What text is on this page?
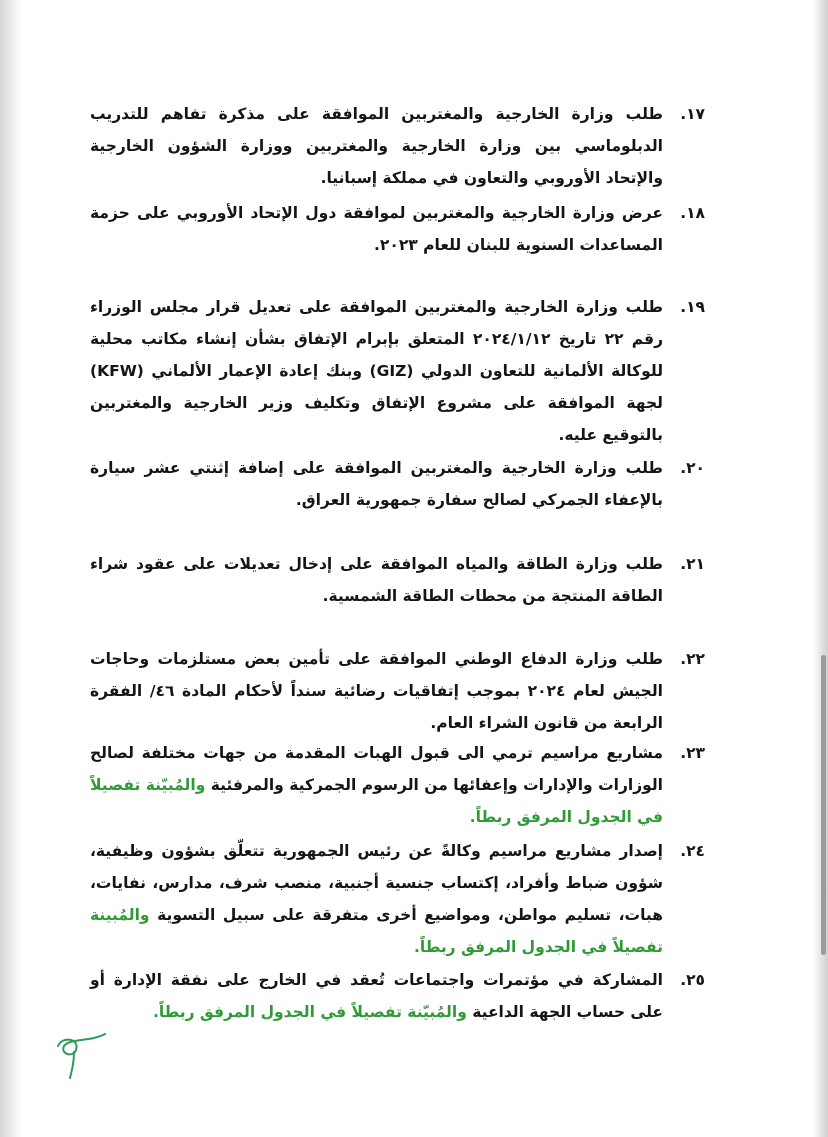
١٧.
طلب وزارة الخارجية والمغتربين الموافقة على مذكرة تفاهم للتدريب الدبلوماسي بين وزارة الخارجية والمغتربين ووزارة الشؤون الخارجية والإتحاد الأوروبي والتعاون في مملكة إسبانيا.
١٨.
عرض وزارة الخارجية والمغتربين لموافقة دول الإتحاد الأوروبي على حزمة المساعدات السنوية للبنان للعام ٢٠٢٣.
١٩.
طلب وزارة الخارجية والمغتربين الموافقة على تعديل قرار مجلس الوزراء رقم ٢٢ تاريخ ٢٠٢٤/١/١٢ المتعلق بإبرام الإتفاق بشأن إنشاء مكاتب محلية للوكالة الألمانية للتعاون الدولي (GIZ) وبنك إعادة الإعمار الألماني (KFW) لجهة الموافقة على مشروع الإتفاق وتكليف وزير الخارجية والمغتربين بالتوقيع عليه.
٢٠.
طلب وزارة الخارجية والمغتربين الموافقة على إضافة إثنتي عشر سيارة بالإعفاء الجمركي لصالح سفارة جمهورية العراق.
٢١.
طلب وزارة الطاقة والمياه الموافقة على إدخال تعديلات على عقود شراء الطاقة المنتجة من محطات الطاقة الشمسية.
٢٢.
طلب وزارة الدفاع الوطني الموافقة على تأمين بعض مستلزمات وحاجات الجيش لعام ٢٠٢٤ بموجب إتفاقيات رضائية سنداً لأحكام المادة ٤٦/ الفقرة الرابعة من قانون الشراء العام.
٢٣.
مشاريع مراسيم ترمي الى قبول الهبات المقدمة من جهات مختلفة لصالح الوزارات والإدارات وإعفائها من الرسوم الجمركية والمرفئية والمُبيّنة تفصيلاً في الجدول المرفق ربطاً.
٢٤.
إصدار مشاريع مراسيم وكالةً عن رئيس الجمهورية تتعلّق بشؤون وظيفية، شؤون ضباط وأفراد، إكتساب جنسية أجنبية، منصب شرف، مدارس، نفايات، هبات، تسليم مواطن، ومواضيع أخرى متفرقة على سبيل التسوية والمُبينة تفصيلاً في الجدول المرفق ربطاً.
٢٥.
المشاركة في مؤتمرات واجتماعات تُعقد في الخارج على نفقة الإدارة أو على حساب الجهة الداعية والمُبيّنة تفصيلاً في الجدول المرفق ربطاً.
